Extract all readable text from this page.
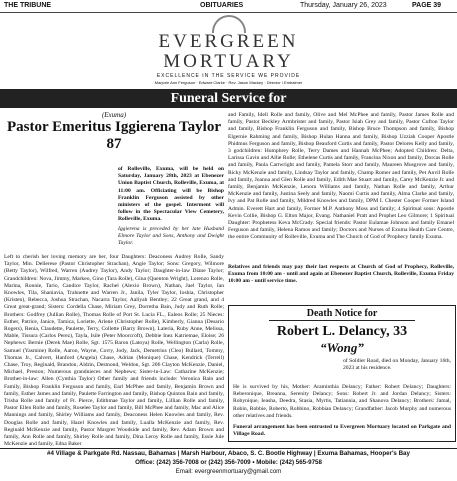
THE TRIBUNE	OBITUARIES	Thursday, January 26, 2023	PAGE 39
EVERGREEN
MORTUARY
EXCELLENCE IN THE SERVICE WE PROVIDE
Marjorie Ann Ferguson · Edward Clarke · Rev. Jason Mackey · Director / Embalmer
Funeral Service for
(Exuma)
Pastor Emeritus Iggierena Taylor 87
of Rolleville, Exuma, will be held on Saturday, January 28th, 2023 at Ebenezer Union Baptist Church, Rolleville, Exuma, at 11:00 am. Officiating will be Bishop Franklin Ferguson assisted by other ministers of the gospel. Interment will follow in the Spectacular View Cemetery, Rolleville, Exuma.
Iggierena is preceded by her late Husband Elmore Taylor and Sons, Anthony and Dwight Taylor.
Left to cherish her loving memory are her, four Daughters: Deaconess Audrey Rolle, Sandy Taylor, Min. Dellerese (Pastor Christopher Strachan), Angie Taylor; Sons: Gregory, Wilmore (Betty Taylor), Wilfred, Warren (Audrey Taylor), Andy Taylor; Daughter-in-law Diane Taylor; Grandchildren: Nova, Jimmy, Markeo, Gino (Tara Rolle), Gina (Quenton Wright), Lorenzo Rolle, Marina, Ronnie, Tario, Candice Taylor, Rachel (Alexio Brown), Nathan, Jael Taylor, Ian Knowles, Tila, Shaniavia, Trahnette and Warren Jr., Janila, Tyler Taylor, Ioshia, Christopher (Kristen), Rebecca, Joshua Strachan, Nacarra Taylor, Aaliyah Bentley; 22 Great grand, and 4 Great great-grand; Sisters: Cordella Chase, Miriam Grey, Dorretha Bain, Judy and Ruth Rolle; Brothers: Godfrey (Jullian Rolle), Thomas Rolle of Port St. Lucia FL., Ealeos Rolle; 25 Nieces: Esther, Patrice, Janice, Tamica, Loriette, Arlene (Christopher Rolle), Kimberly, Gianna (Desario Rogers), Renia, Claudette, Paulette, Terry, Collette (Barry Brown), Lateria, Ruby Anne, Melissa, Mable, Tissura (Carlos Perez), Tayla, Isile (Peter Moorcroft), Debbie Inez Katriemae, Eloise; 26 Nephews: Bernie (Derek Mae) Rolle, Sgt. 1575 Baron (Latoya) Rolle, Wellington (Carla) Rolle, Samuel (Yasmine) Rolle, Aaron, Wayne, Corry, Jody, Jack, Demetrius (Cleo) Bullard, Tommy, Thomas Jr., Calvert, Hanford (Angela) Chase, Adrian (Monique) Chase, Kendrick (Terrell) Chase, Troy, Reginald, Brandon, Aldrin, Desmond, Weldon, Sgt. 206 Clayton McKenzie, Daniel, Michael, Preston; Numerous grandnieces and Nephews; Sister-in-Law: Catharine McKenzie; Brother-in-law: Allen (Cynthia Taylor) Other family and friends include: Veronica Bain and Family, Bishop Franklin Ferguson and family, Earl McPhee and family, Benjamin Brown and family, Esther James and family, Paulette Farrington and family, Bishop Quinton Bain and family, Trisha Rolle and family of Ft. Pierce, Edithmae Taylor and family, Lillian Rolle and family, Pastor Ellen Rolle and family, Roselee Taylor and family, Bill McPhee and family, Mac and Alice Mannings and family, Shirley Williams and family, Deaconess Helen Knowles and family, Rev. Douglas Rolle and family, Hazel Knowles and family, Lualla McKenzie and family, Rev. Reginald McKenzie and family, Pastor Margret Woodside and family, Rev. Adam Brown and family, Ann Rolle and family, Shirley Rolle and family, Dina Leroy Rolle and family, Essie Jule McKenzie and family, Edna Baker
and Family, Idell Rolle and family, Olive and Mel McPhee and family, Pastor James Rolle and family, Pastor Beckley Armbrister and family, Pastor Isiah Grey and family, Pastor Cufton Taylor and family, Bishop Franklin Ferguson and family, Bishop Bruce Thompson and family, Bishop Elgernie Rahming and family, Bishop Hulan Hanna and family, Bishop Uzziah Cooper Apostle Phidmus Ferguson and family, Bishop Beauford Curtis and family, Pastor Delores Kelly and family, 3 godchildren: Humphrey Rolle, Terry Dames and Hannah McPhee; Adopted Children: Delta, Larissa Gavin and Allie Rolle; Ethelene Curtis and family, Francina Nixon and family, Dorcas Rolle and family, Paula Cartwright and family, Pamela Storr and family, Maureen Musgrove and family, Ricky McKenzie and family, Lindsay Taylor and family, Champ Romer and family, Pet Anvil Rolle and family, Joanna and Glen Rolle and family, Edith Mae Stuart and family, Carey McKenzie Jr. and family, Benjamin McKenzie, Lenora Williams and family, Nathan Rolle and family, Arthur McKenzie and family, Justina Seely and family, Naomi Curtis and family, Alma Clarke and family, Ivy and Pat Rolle and family, Mildred Knowles and family, DPM I. Chester Cooper Former Island Admin. Everett Hart and family, Former M.P. Anthony Moss and family; 4 Spiritual sons: Apostle Kevin Collie, Bishop G. Elton Major, Evang. Nathaniel Pratt and Prophet Leo Gilmore; 1 Spiritual Daughter: Prophetess Keva McCrady. Special friends: Pastor Eulamae Johnson and family Emanel Ferguson and family, Helena Ramos and family; Doctors and Nurses of Exuma Health Care Centre, the entire Community of Rolleville, Exuma and The Church of God of Prophecy family Exuma.
Relatives and friends may pay their last respects at Church of God of Prophecy, Rolleville, Exuma from 10:00 am - until and again at Ebenezer Baptist Church, Rolleville, Exuma Friday 10:00 am - until service time.
Death Notice for
Robert L. Delancy, 33
“Wong”
of Soldier Road, died on Monday, January 16th, 2023 at his residence.
He is survived by his, Mother: Araminthia Delancy; Father: Robert Delancy; Daughters: Reberonique, Breanna, Serenity Delancy; Sons: Robert Jr. and Jordan Delancy; Sisters: Robynique, Ieasha, Deedra, Stasia, Myrtis, Tatiannia, and Shanova Delancy; Brothers: Jamal, Robin, Robbie, Roberto, Robbino, Robbian Delancy; Grandfather: Jacob Murphy and numerous other relatives and friends.
Funeral arrangement has been entrusted to Evergreen Mortuary located on Parkgate and Village Road.
#4 Village & Parkgate Rd. Nassau, Bahamas | Marsh Harbour, Abaco, S. C. Bootle Highway | Exuma Bahamas, Hooper's Bay
Office: (242) 356-7008 or (242) 356-7009 • Mobile: (242) 565-9758
Email: evergreenmortuary@gmail.com
